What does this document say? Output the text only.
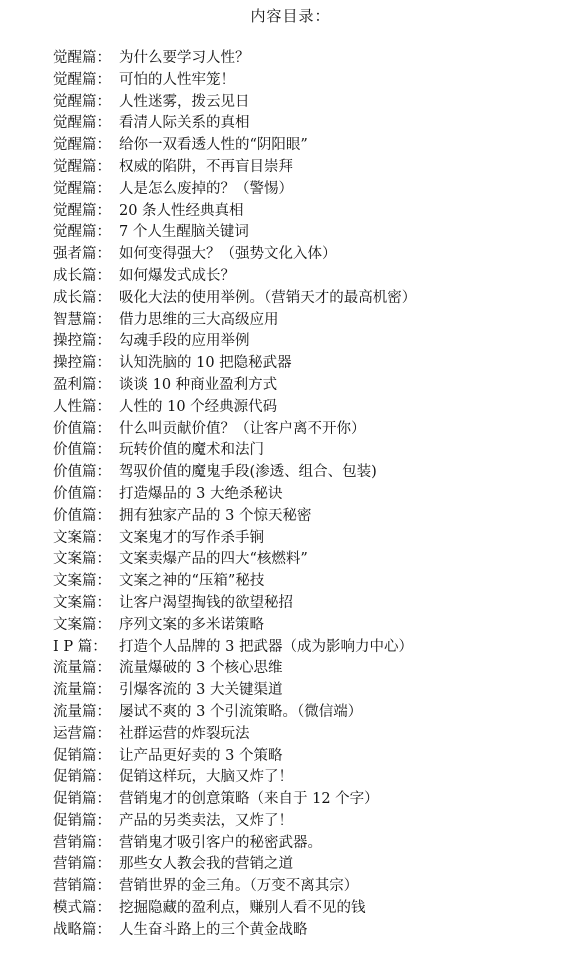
内容目录：
觉醒篇： 为什么要学习人性？
觉醒篇： 可怕的人性牢笼！
觉醒篇： 人性迷雾，拨云见日
觉醒篇： 看清人际关系的真相
觉醒篇： 给你一双看透人性的“阴阳眼”
觉醒篇： 权威的陷阱，不再盲目崇拜
觉醒篇： 人是怎么废掉的？（警惕）
觉醒篇： 20 条人性经典真相
觉醒篇： 7 个人生醒脑关键词
强者篇： 如何变得强大？（强势文化入体）
成长篇： 如何爆发式成长？
成长篇： 吸化大法的使用举例。（营销天才的最高机密）
智慧篇： 借力思维的三大高级应用
操控篇： 勾魂手段的应用举例
操控篇： 认知洗脑的 10 把隐秘武器
盈利篇： 谈谈 10 种商业盈利方式
人性篇： 人性的 10 个经典源代码
价值篇： 什么叫贡献价值？（让客户离不开你）
价值篇： 玩转价值的魔术和法门
价值篇： 驾驭价值的魔鬼手段(渗透、组合、包装)
价值篇： 打造爆品的 3 大绝杀秘诀
价值篇： 拥有独家产品的 3 个惊天秘密
文案篇： 文案鬼才的写作杀手锏
文案篇： 文案卖爆产品的四大“核燃料”
文案篇： 文案之神的“压箱”秘技
文案篇： 让客户渴望掏钱的欲望秘招
文案篇： 序列文案的多米诺策略
I P 篇： 打造个人品牌的 3 把武器（成为影响力中心）
流量篇： 流量爆破的 3 个核心思维
流量篇： 引爆客流的 3 大关键渠道
流量篇： 屡试不爽的 3 个引流策略。（微信端）
运营篇： 社群运营的炸裂玩法
促销篇： 让产品更好卖的 3 个策略
促销篇： 促销这样玩，大脑又炸了！
促销篇： 营销鬼才的创意策略（来自于 12 个字）
促销篇： 产品的另类卖法，又炸了！
营销篇： 营销鬼才吸引客户的秘密武器。
营销篇： 那些女人教会我的营销之道
营销篇： 营销世界的金三角。（万变不离其宗）
模式篇： 挖掘隐藏的盈利点，赚别人看不见的钱
战略篇： 人生奋斗路上的三个黄金战略
